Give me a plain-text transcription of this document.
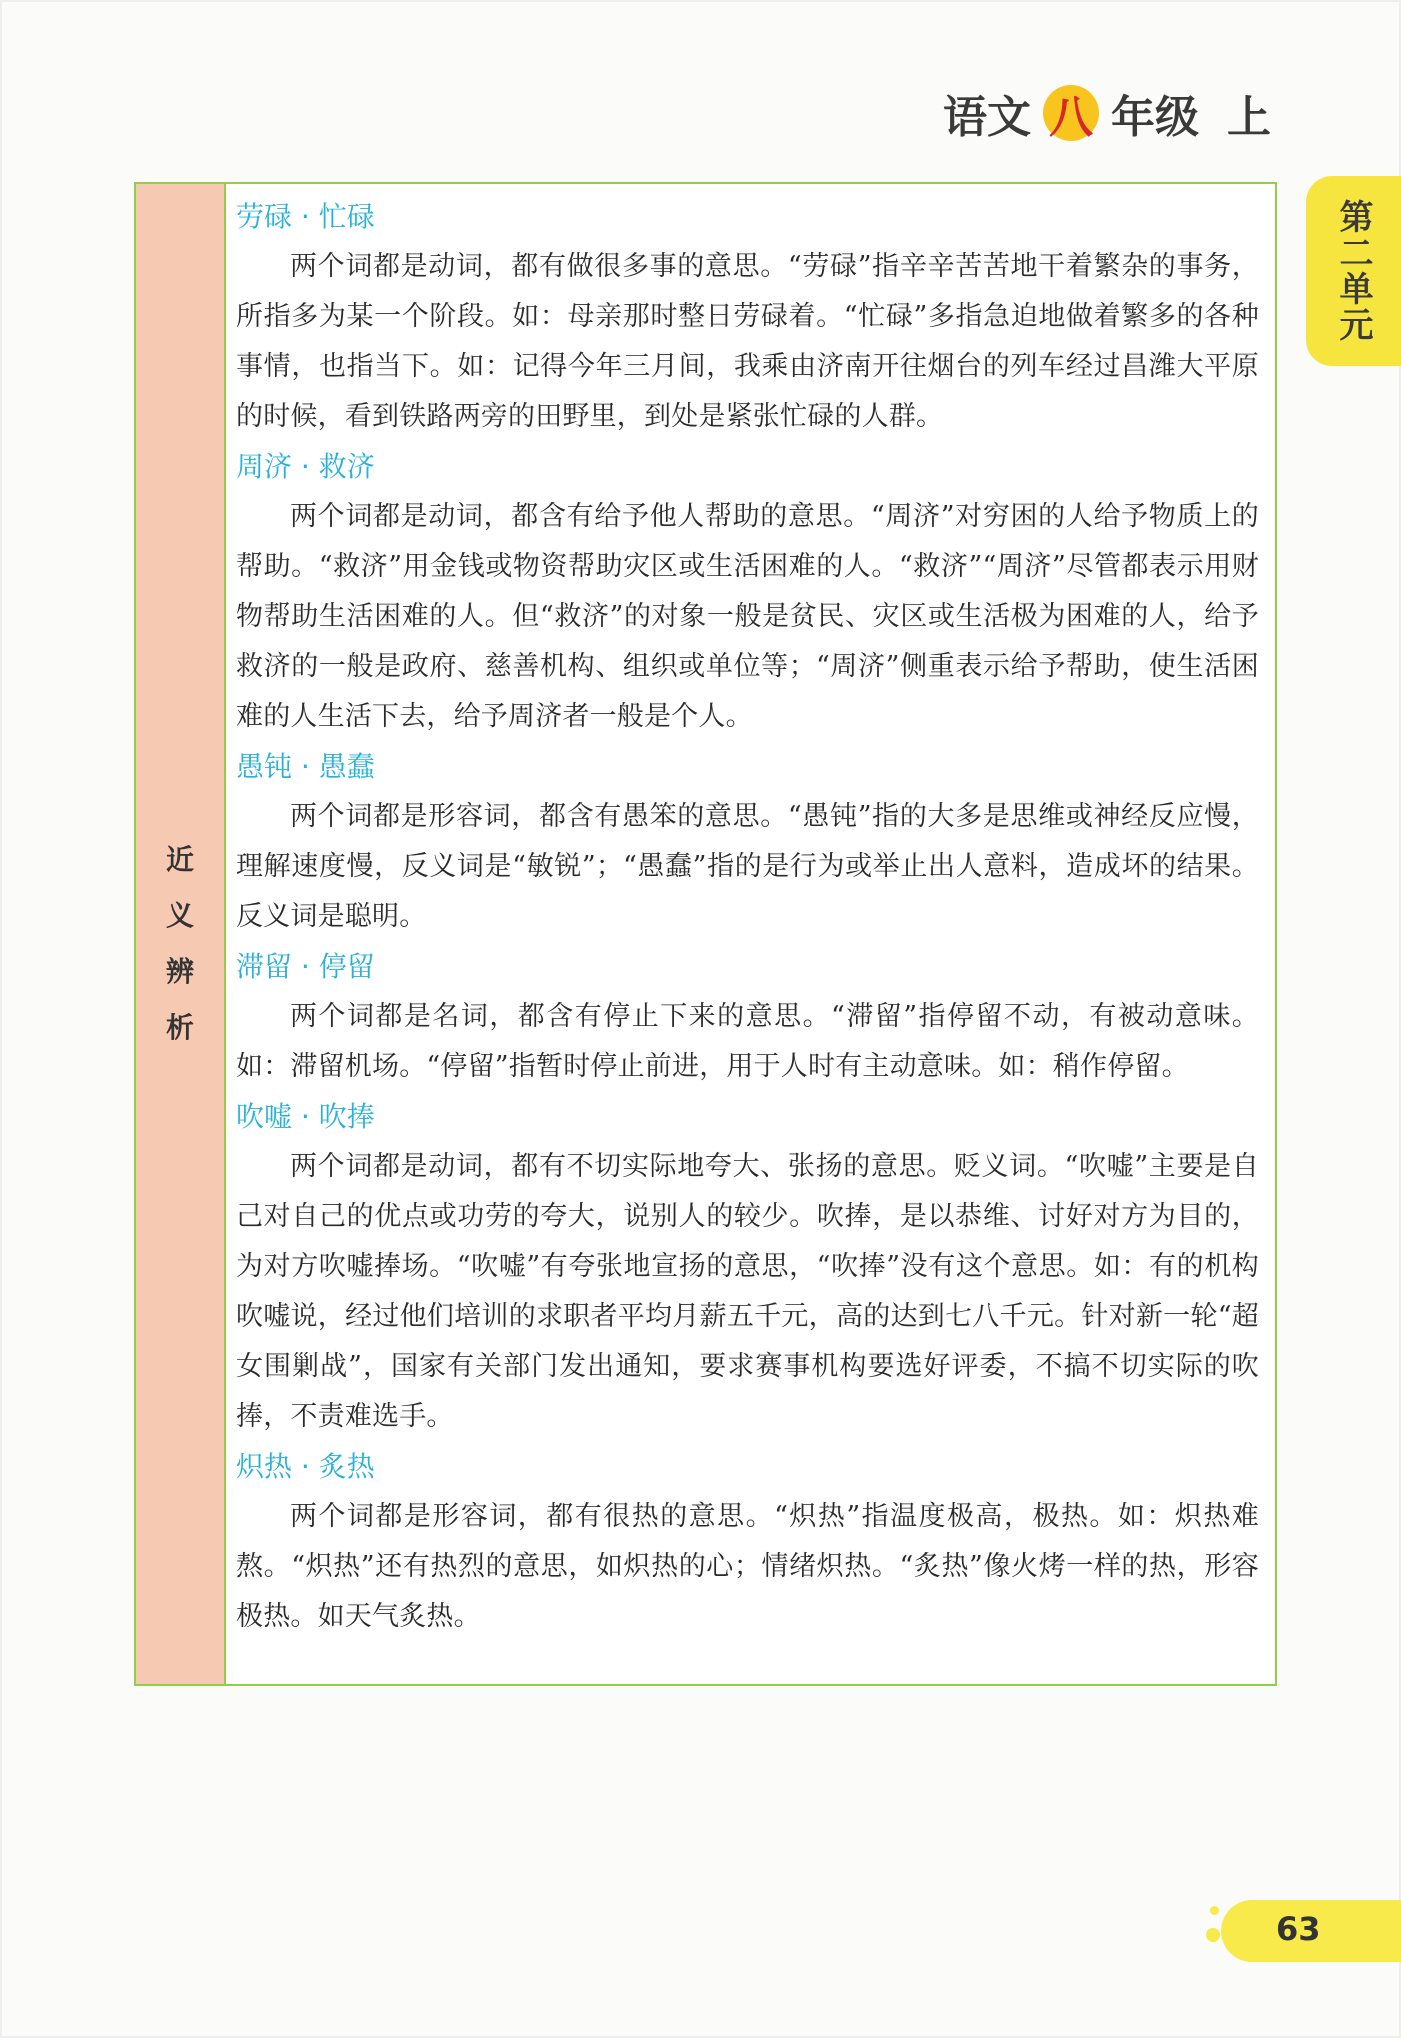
语文 八 年级 上
第二单元
近
义
辨
析
劳碌 · 忙碌

两个词都是动词，都有做很多事的意思。“劳碌”指辛辛苦苦地干着繁杂的事务，所指多为某一个阶段。如：母亲那时整日劳碌着。“忙碌”多指急迫地做着繁多的各种事情，也指当下。如：记得今年三月间，我乘由济南开往烟台的列车经过昌潍大平原的时候，看到铁路两旁的田野里，到处是紧张忙碌的人群。

周济 · 救济

两个词都是动词，都含有给予他人帮助的意思。“周济”对穷困的人给予物质上的帮助。“救济”用金钱或物资帮助灾区或生活困难的人。“救济”“周济”尽管都表示用财物帮助生活困难的人。但“救济”的对象一般是贫民、灾区或生活极为困难的人，给予救济的一般是政府、慈善机构、组织或单位等；“周济”侧重表示给予帮助，使生活困难的人生活下去，给予周济者一般是个人。

愚钝 · 愚蠢

两个词都是形容词，都含有愚笨的意思。“愚钝”指的大多是思维或神经反应慢，理解速度慢，反义词是“敏锐”；“愚蠢”指的是行为或举止出人意料，造成坏的结果。反义词是聪明。

滞留 · 停留

两个词都是名词，都含有停止下来的意思。“滞留”指停留不动，有被动意味。如：滞留机场。“停留”指暂时停止前进，用于人时有主动意味。如：稍作停留。

吹嘘 · 吹捧

两个词都是动词，都有不切实际地夸大、张扬的意思。贬义词。“吹嘘”主要是自己对自己的优点或功劳的夸大，说别人的较少。吹捧，是以恭维、讨好对方为目的，为对方吹嘘捧场。“吹嘘”有夸张地宣扬的意思，“吹捧”没有这个意思。如：有的机构吹嘘说，经过他们培训的求职者平均月薪五千元，高的达到七八千元。针对新一轮“超女围剿战”，国家有关部门发出通知，要求赛事机构要选好评委，不搞不切实际的吹捧，不责难选手。

炽热 · 炙热

两个词都是形容词，都有很热的意思。“炽热”指温度极高，极热。如：炽热难熬。“炽热”还有热烈的意思，如炽热的心；情绪炽热。“炙热”像火烤一样的热，形容极热。如天气炙热。

63
